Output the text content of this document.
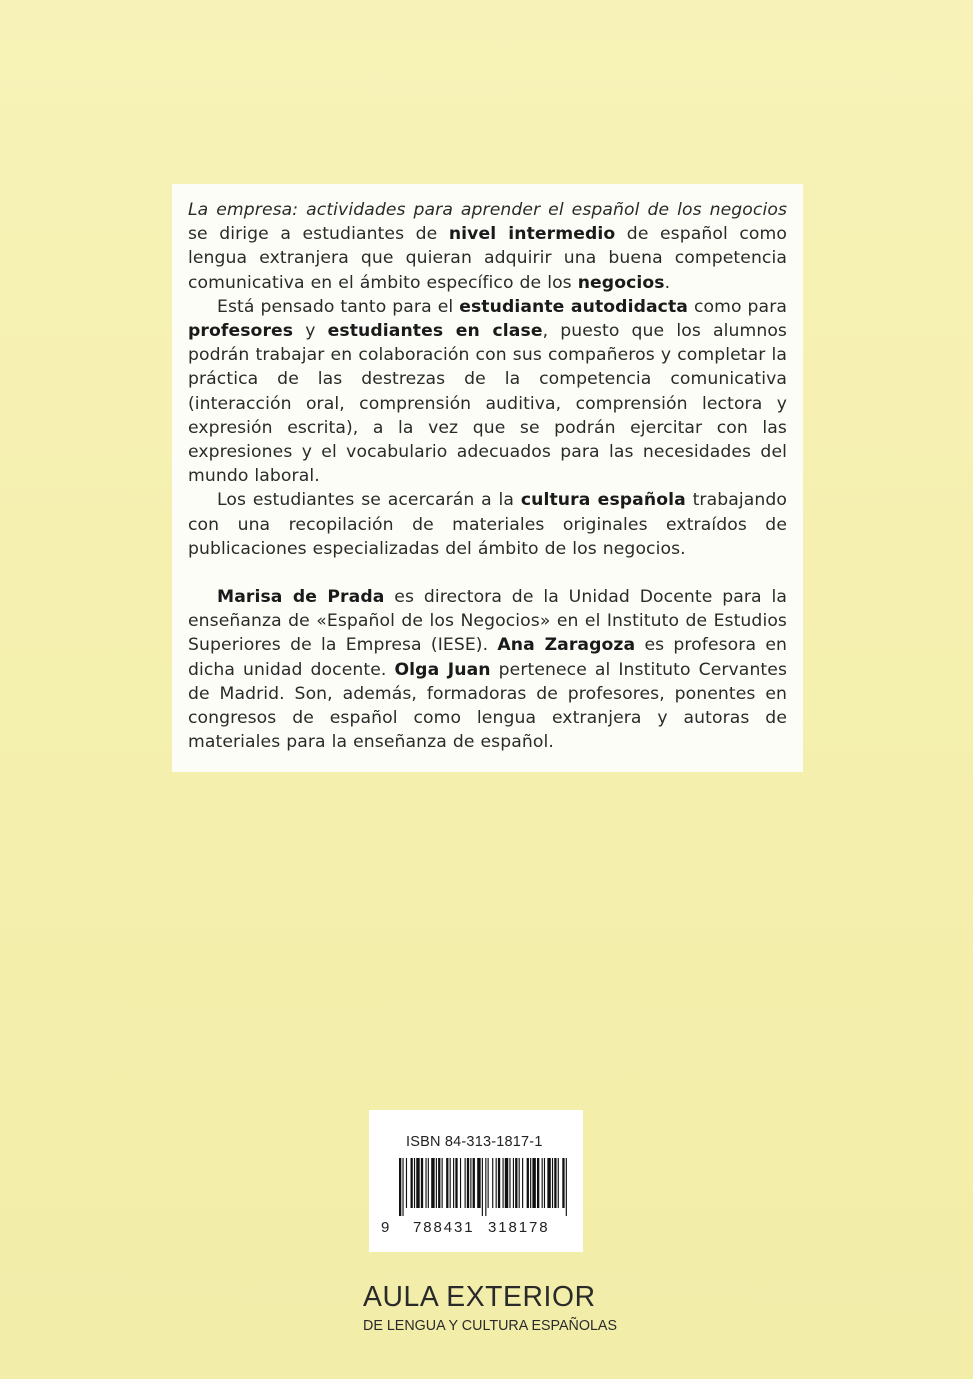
La empresa: actividades para aprender el español de los negocios se dirige a estudiantes de nivel intermedio de español como lengua extranjera que quieran adquirir una buena competencia comunicativa en el ámbito específico de los negocios.

Está pensado tanto para el estudiante autodidacta como para profesores y estudiantes en clase, puesto que los alumnos podrán trabajar en colaboración con sus compañeros y completar la práctica de las destrezas de la competencia comunicativa (interacción oral, comprensión auditiva, comprensión lectora y expresión escrita), a la vez que se podrán ejercitar con las expresiones y el vocabulario adecuados para las necesidades del mundo laboral.

Los estudiantes se acercarán a la cultura española trabajando con una recopilación de materiales originales extraídos de publicaciones especializadas del ámbito de los negocios.

Marisa de Prada es directora de la Unidad Docente para la enseñanza de «Español de los Negocios» en el Instituto de Estudios Superiores de la Empresa (IESE). Ana Zaragoza es profesora en dicha unidad docente. Olga Juan pertenece al Instituto Cervantes de Madrid. Son, además, formadoras de profesores, ponentes en congresos de español como lengua extranjera y autoras de materiales para la enseñanza de español.

ISBN 84-313-1817-1
9 788431 318178
AULA EXTERIOR
DE LENGUA Y CULTURA ESPAÑOLAS
